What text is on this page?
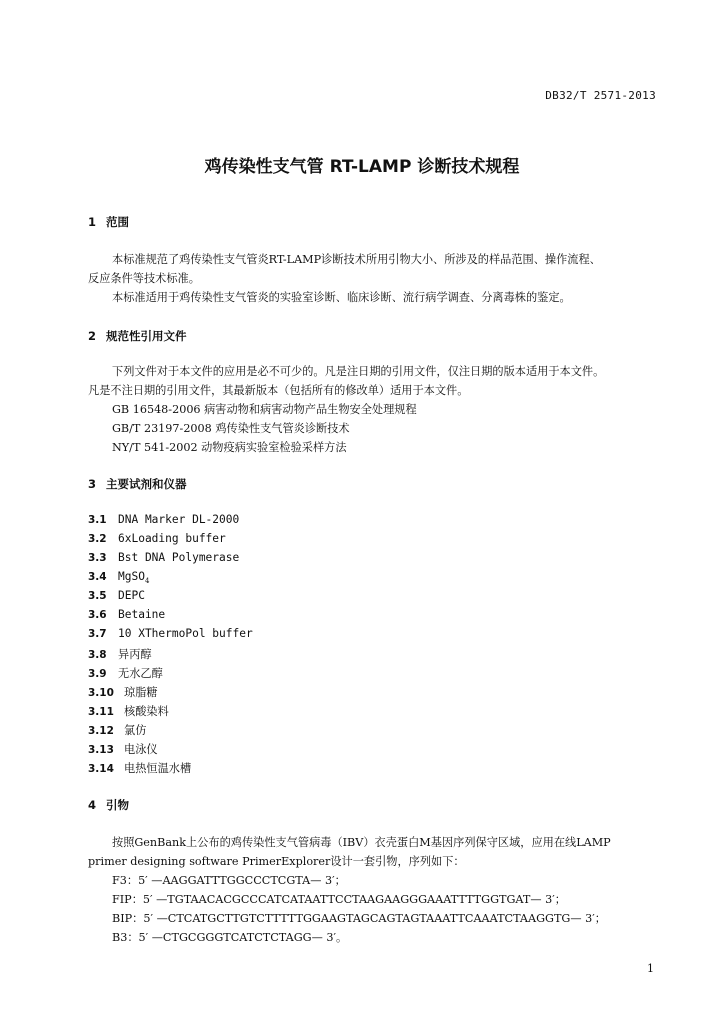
DB32/T 2571-2013
鸡传染性支气管 RT-LAMP 诊断技术规程
1 范围
本标准规范了鸡传染性支气管炎RT-LAMP诊断技术所用引物大小、所涉及的样品范围、操作流程、
反应条件等技术标准。
本标准适用于鸡传染性支气管炎的实验室诊断、临床诊断、流行病学调查、分离毒株的鉴定。
2 规范性引用文件
下列文件对于本文件的应用是必不可少的。凡是注日期的引用文件，仅注日期的版本适用于本文件。
凡是不注日期的引用文件，其最新版本（包括所有的修改单）适用于本文件。
GB 16548-2006 病害动物和病害动物产品生物安全处理规程
GB/T 23197-2008 鸡传染性支气管炎诊断技术
NY/T 541-2002 动物疫病实验室检验采样方法
3 主要试剂和仪器
3.1 DNA Marker DL-2000
3.2 6xLoading buffer
3.3 Bst DNA Polymerase
3.4 MgSO$_4$
3.5 DEPC
3.6 Betaine
3.7 10 XThermoPol buffer
3.8 异丙醇
3.9 无水乙醇
3.10 琼脂糖
3.11 核酸染料
3.12 氯仿
3.13 电泳仪
3.14 电热恒温水槽
4 引物
按照GenBank上公布的鸡传染性支气管病毒（IBV）衣壳蛋白M基因序列保守区域，应用在线LAMP
primer designing software PrimerExplorer设计一套引物，序列如下：
F3：5′ —AAGGATTTGGCCCTCGTA— 3′；
FIP：5′ —TGTAACACGCCCATCATAATTCCTAAGAAGGGAAATTTTGGTGAT— 3′；
BIP：5′ —CTCATGCTTGTCTTTTTGGAAGTAGCAGTAGTAAATTCAAATCTAAGGTG— 3′；
B3：5′ —CTGCGGGTCATCTCTAGG— 3′。
1
